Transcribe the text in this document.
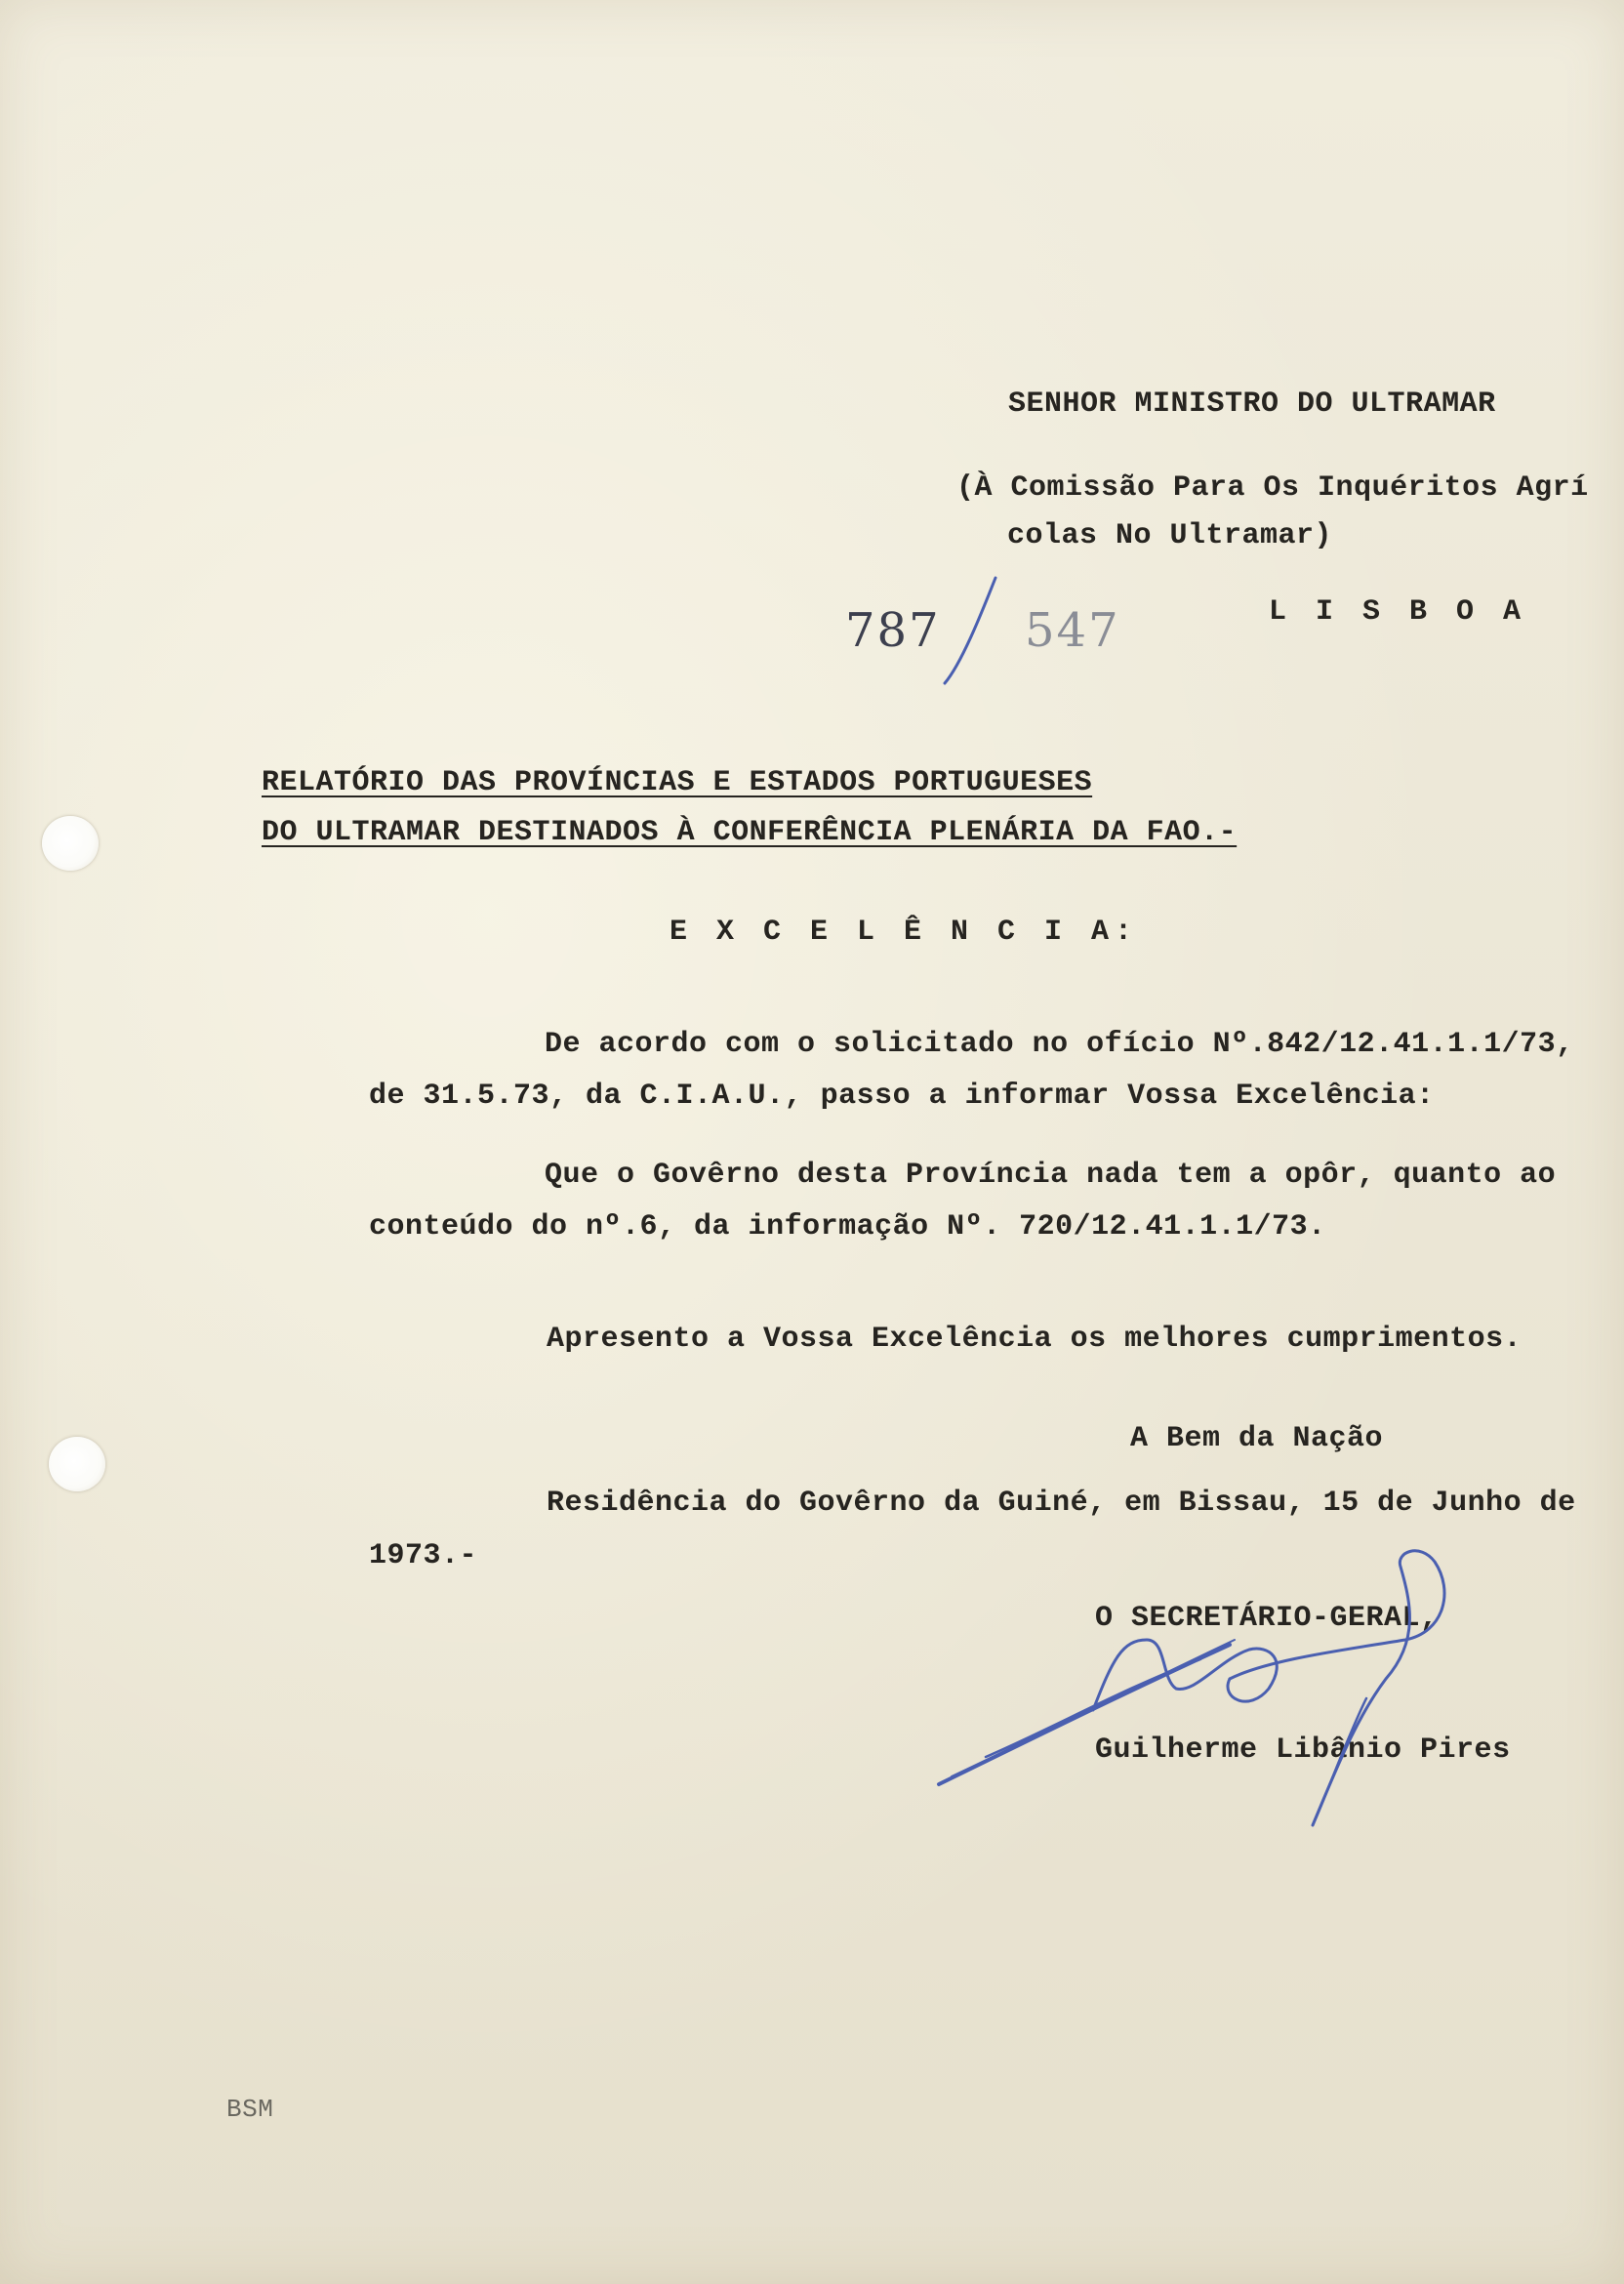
SENHOR MINISTRO DO ULTRAMAR
(À Comissão Para Os Inquéritos Agrí
colas No Ultramar)
L I S B O A
787 547
RELATÓRIO DAS PROVÍNCIAS E ESTADOS PORTUGUESES
DO ULTRAMAR DESTINADOS À CONFERÊNCIA PLENÁRIA DA FAO.-
E X C E L Ê N C I A:
De acordo com o solicitado no ofício Nº.842/12.41.1.1/73,
de 31.5.73, da C.I.A.U., passo a informar Vossa Excelência:
Que o Govêrno desta Província nada tem a opôr, quanto ao
conteúdo do nº.6, da informação Nº. 720/12.41.1.1/73.
Apresento a Vossa Excelência os melhores cumprimentos.
A Bem da Nação
Residência do Govêrno da Guiné, em Bissau, 15 de Junho de
1973.-
O SECRETÁRIO-GERAL,
Guilherme Libânio Pires
BSM
